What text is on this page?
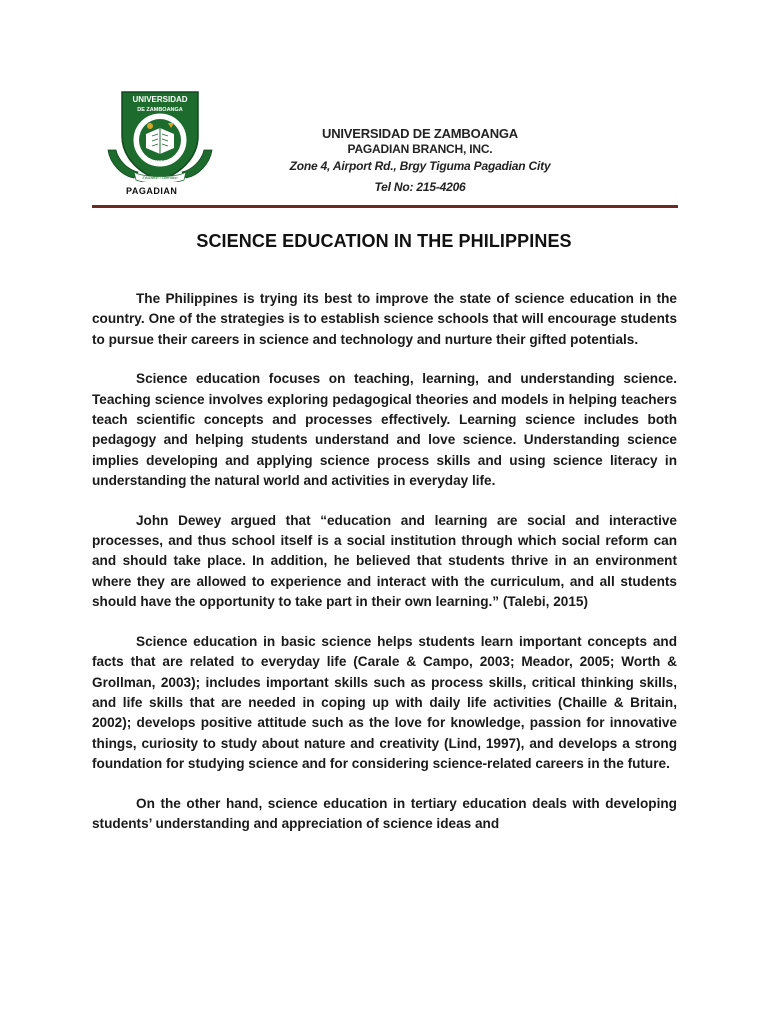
UNIVERSIDAD
DE ZAMBOANGA
1904
Education • Liberation
PAGADIAN
UNIVERSIDAD DE ZAMBOANGA
PAGADIAN BRANCH, INC.
Zone 4, Airport Rd., Brgy Tiguma Pagadian City
Tel No: 215-4206
SCIENCE EDUCATION IN THE PHILIPPINES

The Philippines is trying its best to improve the state of science education in the country. One of the strategies is to establish science schools that will encourage students to pursue their careers in science and technology and nurture their gifted potentials.

Science education focuses on teaching, learning, and understanding science. Teaching science involves exploring pedagogical theories and models in helping teachers teach scientific concepts and processes effectively. Learning science includes both pedagogy and helping students understand and love science. Understanding science implies developing and applying science process skills and using science literacy in understanding the natural world and activities in everyday life.

John Dewey argued that “education and learning are social and interactive processes, and thus school itself is a social institution through which social reform can and should take place. In addition, he believed that students thrive in an environment where they are allowed to experience and interact with the curriculum, and all students should have the opportunity to take part in their own learning.” (Talebi, 2015)

Science education in basic science helps students learn important concepts and facts that are related to everyday life (Carale & Campo, 2003; Meador, 2005; Worth & Grollman, 2003); includes important skills such as process skills, critical thinking skills, and life skills that are needed in coping up with daily life activities (Chaille & Britain, 2002); develops positive attitude such as the love for knowledge, passion for innovative things, curiosity to study about nature and creativity (Lind, 1997), and develops a strong foundation for studying science and for considering science-related careers in the future.

On the other hand, science education in tertiary education deals with developing students’ understanding and appreciation of science ideas and
